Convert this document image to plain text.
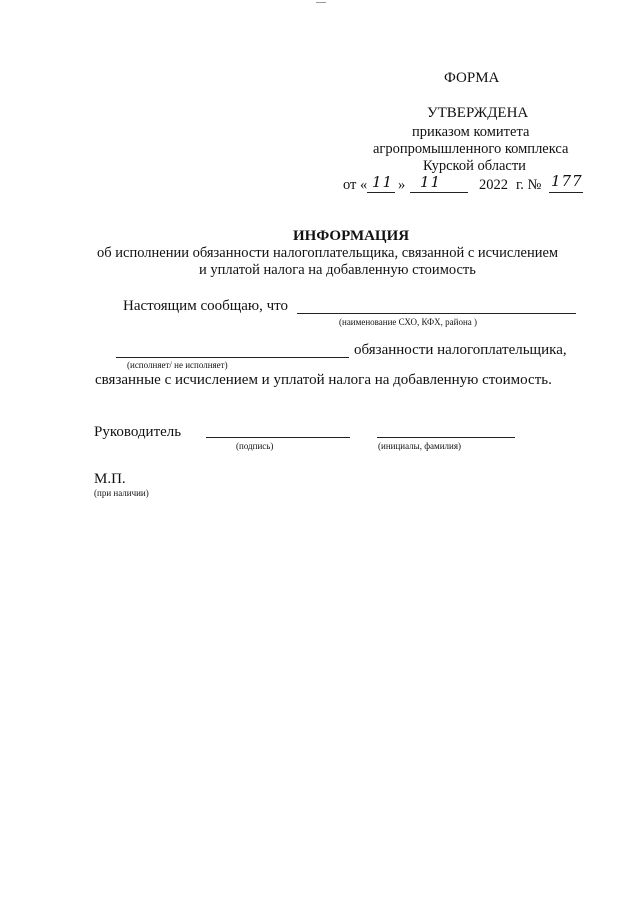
ФОРМА
УТВЕРЖДЕНА
приказом комитета
агропромышленного комплекса
Курской области
от « 11 » 11	2022 г. № 177
ИНФОРМАЦИЯ
об исполнении обязанности налогоплательщика, связанной с исчислением
и уплатой налога на добавленную стоимость
Настоящим сообщаю, что
(наименование СХО, КФХ, района )
обязанности налогоплательщика,
(исполняет/ не исполняет)
связанные с исчислением и уплатой налога на добавленную стоимость.
Руководитель
(подпись)	(инициалы, фамилия)
М.П.
(при наличии)
